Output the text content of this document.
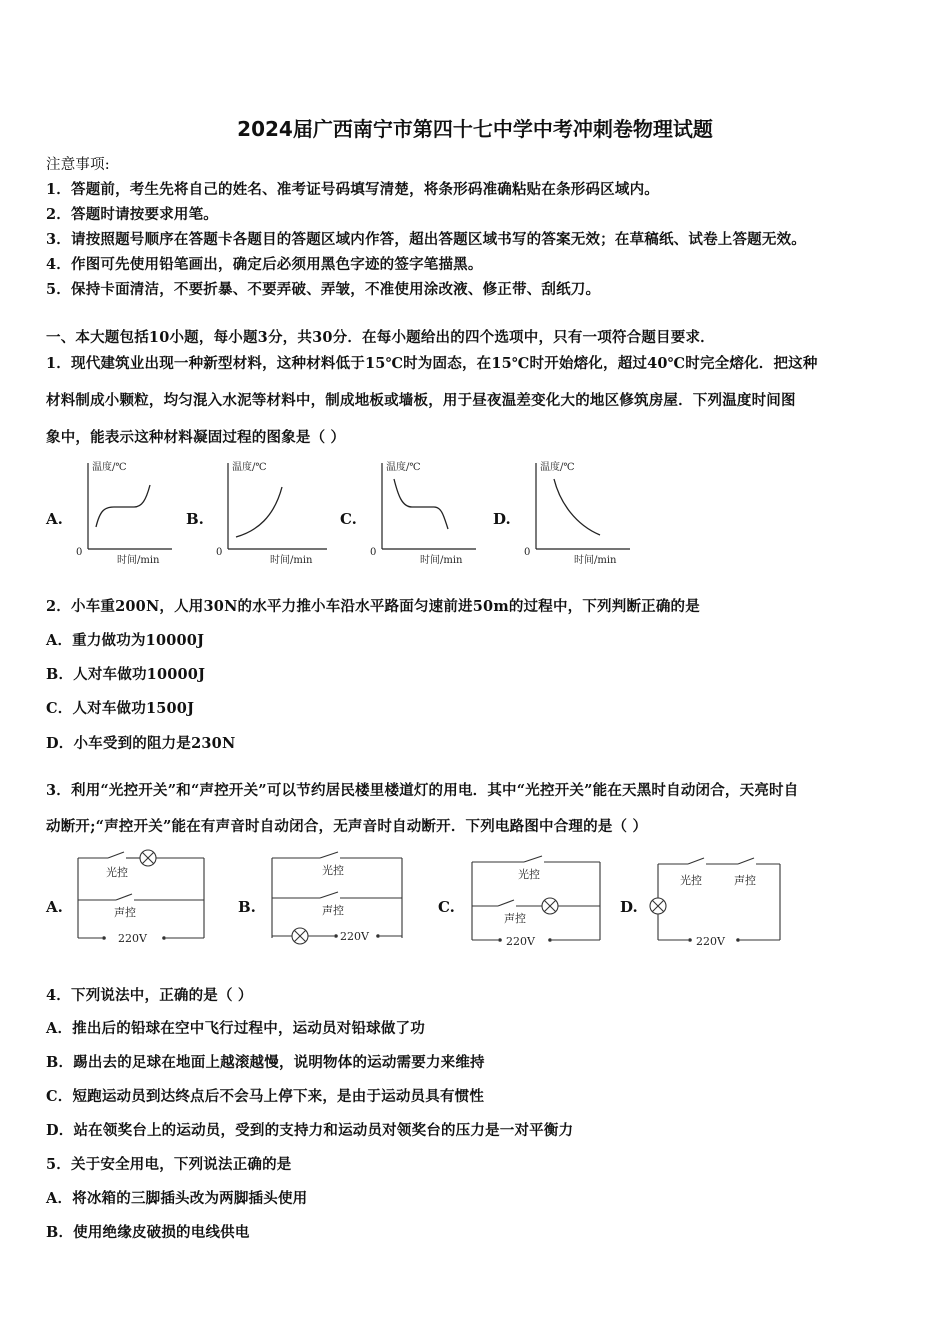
2024届广西南宁市第四十七中学中考冲刺卷物理试题
注意事项:
1．答题前，考生先将自己的姓名、准考证号码填写清楚，将条形码准确粘贴在条形码区域内。
2．答题时请按要求用笔。
3．请按照题号顺序在答题卡各题目的答题区域内作答，超出答题区域书写的答案无效；在草稿纸、试卷上答题无效。
4．作图可先使用铅笔画出，确定后必须用黑色字迹的签字笔描黑。
5．保持卡面清洁，不要折暴、不要弄破、弄皱，不准使用涂改液、修正带、刮纸刀。
一、本大题包括10小题，每小题3分，共30分．在每小题给出的四个选项中，只有一项符合题目要求．
1．现代建筑业出现一种新型材料，这种材料低于15℃时为固态，在15℃时开始熔化，超过40℃时完全熔化．把这种
材料制成小颗粒，均匀混入水泥等材料中，制成地板或墙板，用于昼夜温差变化大的地区修筑房屋．下列温度时间图
象中，能表示这种材料凝固过程的图象是（ ）
A.	B.	C.	D.
温度/℃
时间/min
0
温度/℃
时间/min
0
温度/℃
时间/min
0
温度/℃
时间/min
0
2．小车重200N，人用30N的水平力推小车沿水平路面匀速前进50m的过程中，下列判断正确的是
A．重力做功为10000J
B．人对车做功10000J
C．人对车做功1500J
D．小车受到的阻力是230N
3．利用“光控开关”和“声控开关”可以节约居民楼里楼道灯的用电．其中“光控开关”能在天黑时自动闭合，天亮时自
动断开;“声控开关”能在有声音时自动闭合，无声音时自动断开．下列电路图中合理的是（ ）
A.	B.	C.	D.
光控
声控
220V
光控
声控
220V
光控
声控
220V
光控	声控
220V
4．下列说法中，正确的是（ ）
A．推出后的铅球在空中飞行过程中，运动员对铅球做了功
B．踢出去的足球在地面上越滚越慢，说明物体的运动需要力来维持
C．短跑运动员到达终点后不会马上停下来，是由于运动员具有惯性
D．站在领奖台上的运动员，受到的支持力和运动员对领奖台的压力是一对平衡力
5．关于安全用电，下列说法正确的是
A．将冰箱的三脚插头改为两脚插头使用
B．使用绝缘皮破损的电线供电
